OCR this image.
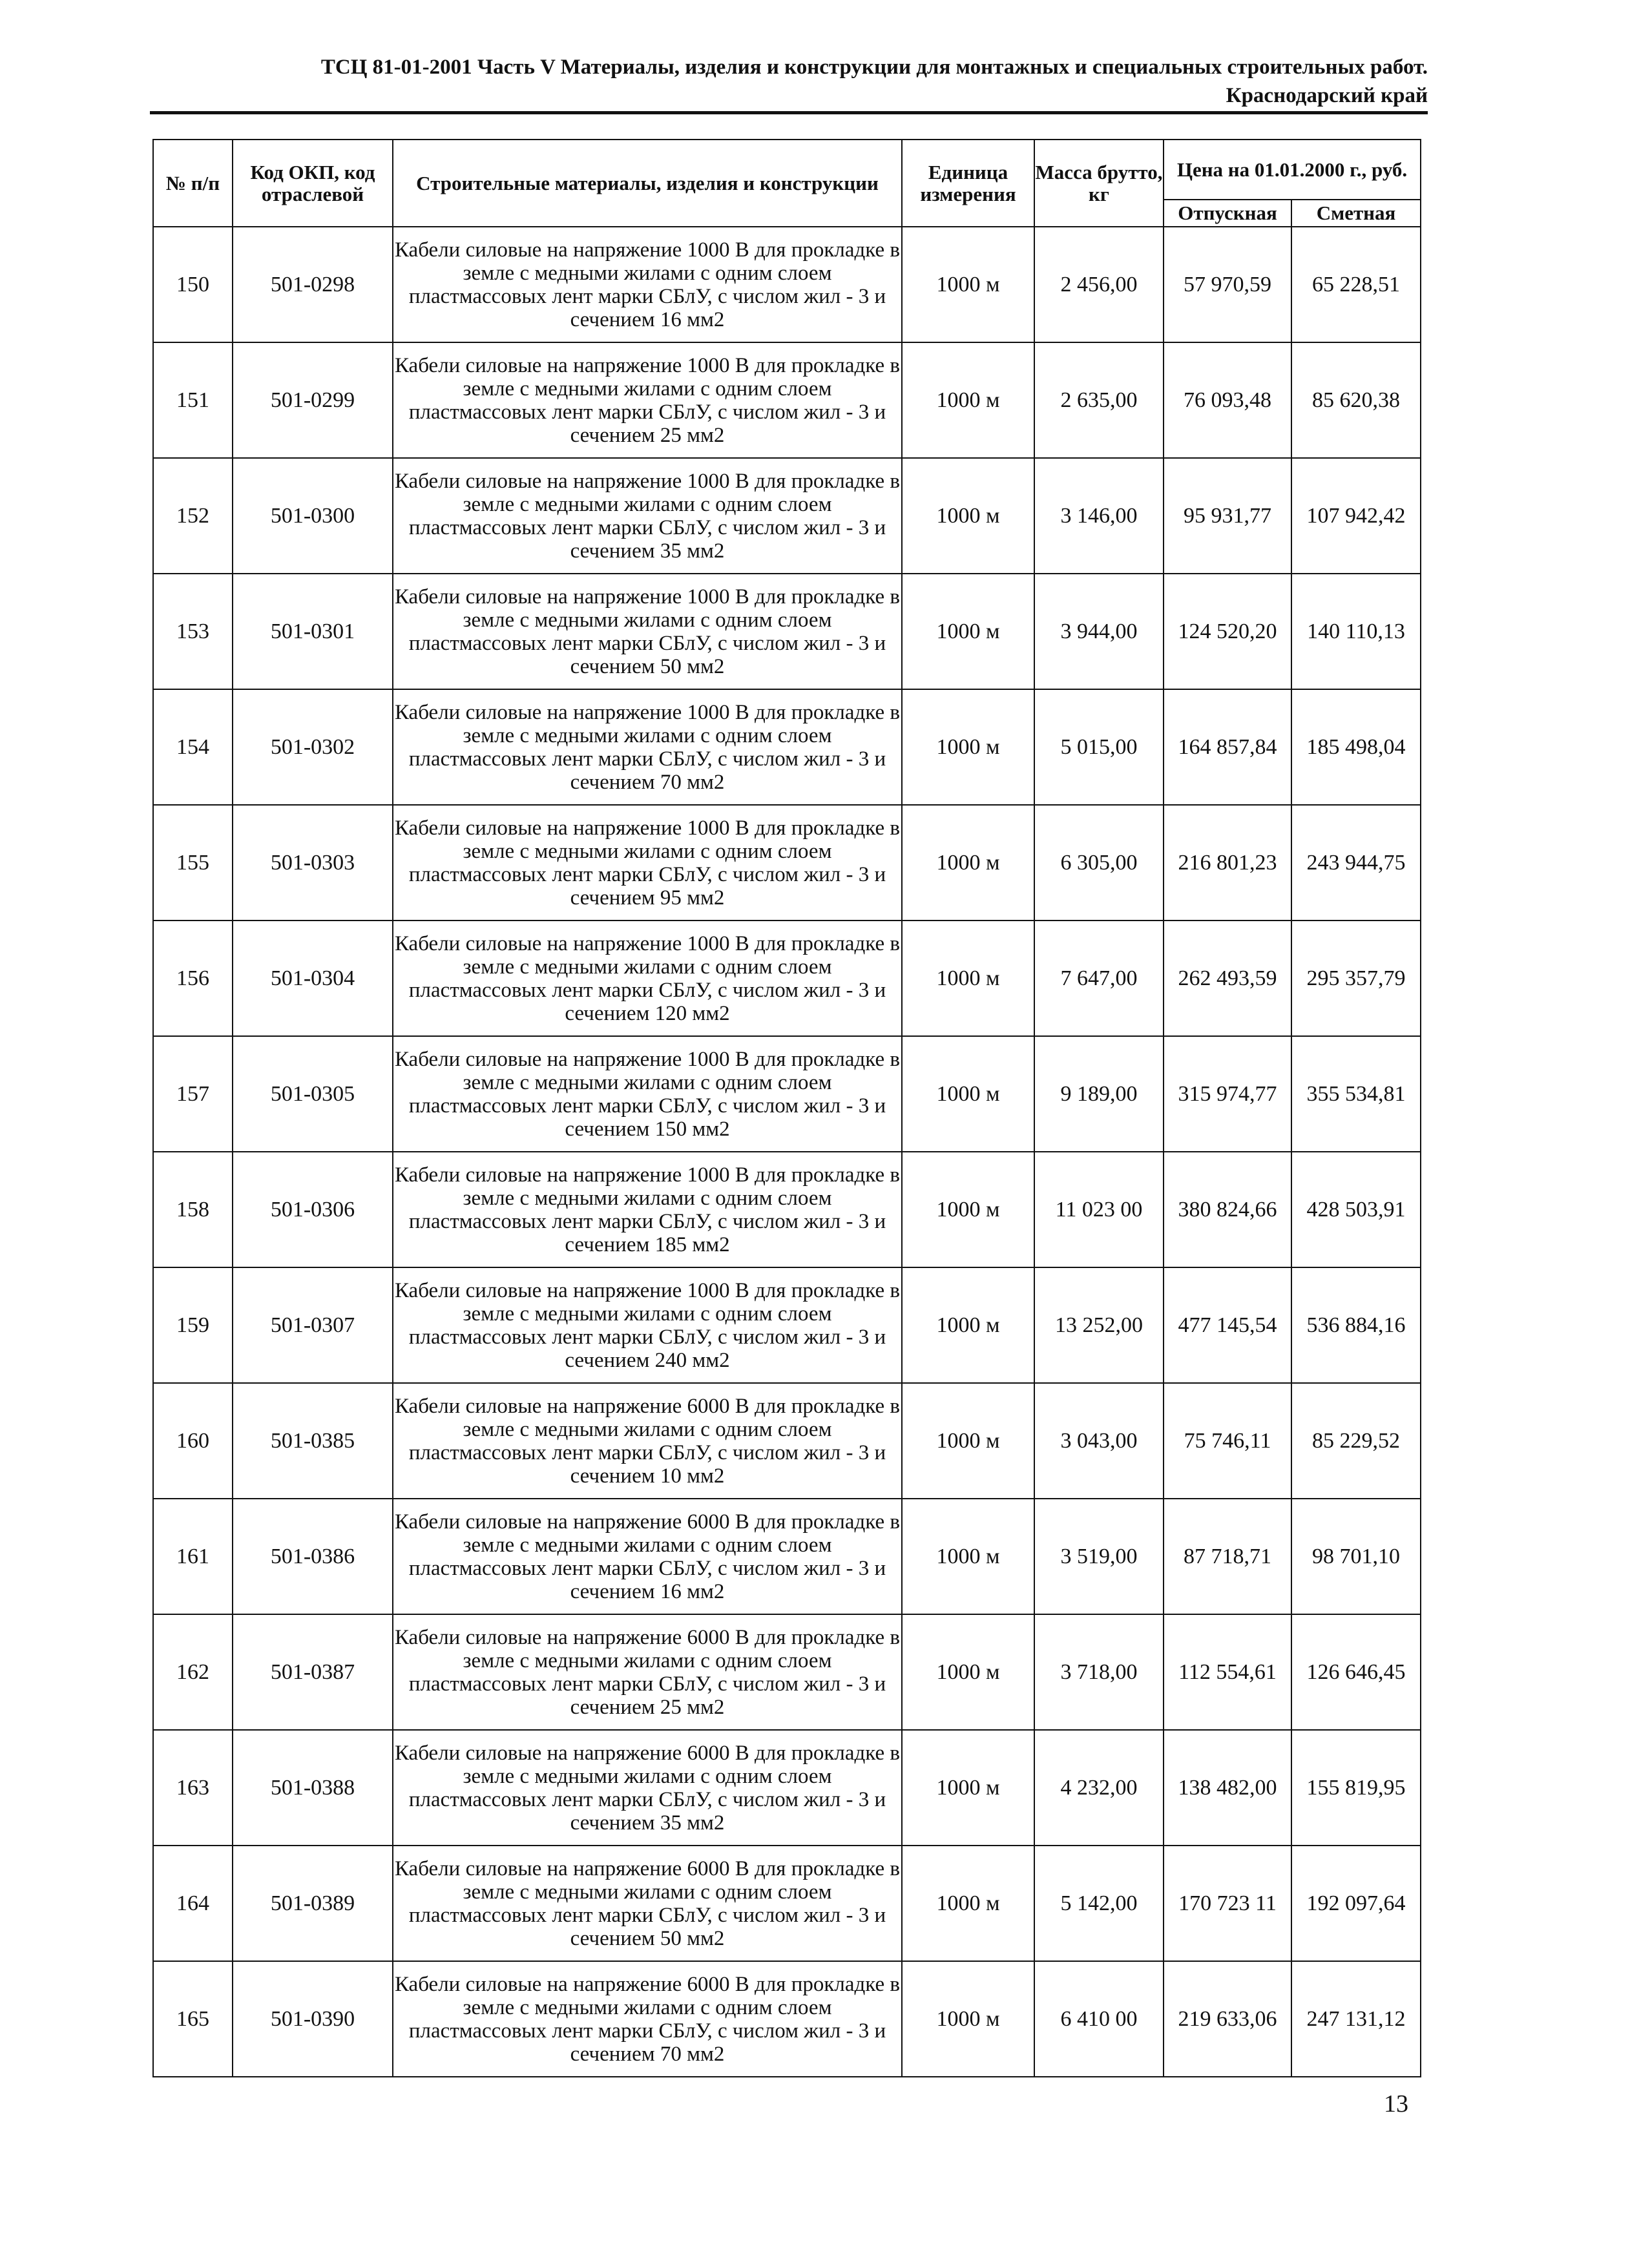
ТСЦ 81-01-2001 Часть V Материалы, изделия и конструкции для монтажных и специальных строительных работ.
Краснодарский край
№ п/п	Код ОКП, код отраслевой	Строительные материалы, изделия и конструкции	Единица измерения	Масса брутто, кг	Цена на 01.01.2000 г., руб.	
					Отпускная	Сметная
150	501-0298	Кабели силовые на напряжение 1000 В для прокладке в земле с медными жилами с одним слоем пластмассовых лент марки СБлУ, с числом жил - 3 и сечением 16 мм2	1000 м	2 456,00	57 970,59	65 228,51
151	501-0299	Кабели силовые на напряжение 1000 В для прокладке в земле с медными жилами с одним слоем пластмассовых лент марки СБлУ, с числом жил - 3 и сечением 25 мм2	1000 м	2 635,00	76 093,48	85 620,38
152	501-0300	Кабели силовые на напряжение 1000 В для прокладке в земле с медными жилами с одним слоем пластмассовых лент марки СБлУ, с числом жил - 3 и сечением 35 мм2	1000 м	3 146,00	95 931,77	107 942,42
153	501-0301	Кабели силовые на напряжение 1000 В для прокладке в земле с медными жилами с одним слоем пластмассовых лент марки СБлУ, с числом жил - 3 и сечением 50 мм2	1000 м	3 944,00	124 520,20	140 110,13
154	501-0302	Кабели силовые на напряжение 1000 В для прокладке в земле с медными жилами с одним слоем пластмассовых лент марки СБлУ, с числом жил - 3 и сечением 70 мм2	1000 м	5 015,00	164 857,84	185 498,04
155	501-0303	Кабели силовые на напряжение 1000 В для прокладке в земле с медными жилами с одним слоем пластмассовых лент марки СБлУ, с числом жил - 3 и сечением 95 мм2	1000 м	6 305,00	216 801,23	243 944,75
156	501-0304	Кабели силовые на напряжение 1000 В для прокладке в земле с медными жилами с одним слоем пластмассовых лент марки СБлУ, с числом жил - 3 и сечением 120 мм2	1000 м	7 647,00	262 493,59	295 357,79
157	501-0305	Кабели силовые на напряжение 1000 В для прокладке в земле с медными жилами с одним слоем пластмассовых лент марки СБлУ, с числом жил - 3 и сечением 150 мм2	1000 м	9 189,00	315 974,77	355 534,81
158	501-0306	Кабели силовые на напряжение 1000 В для прокладке в земле с медными жилами с одним слоем пластмассовых лент марки СБлУ, с числом жил - 3 и сечением 185 мм2	1000 м	11 023 00	380 824,66	428 503,91
159	501-0307	Кабели силовые на напряжение 1000 В для прокладке в земле с медными жилами с одним слоем пластмассовых лент марки СБлУ, с числом жил - 3 и сечением 240 мм2	1000 м	13 252,00	477 145,54	536 884,16
160	501-0385	Кабели силовые на напряжение 6000 В для прокладке в земле с медными жилами с одним слоем пластмассовых лент марки СБлУ, с числом жил - 3 и сечением 10 мм2	1000 м	3 043,00	75 746,11	85 229,52
161	501-0386	Кабели силовые на напряжение 6000 В для прокладке в земле с медными жилами с одним слоем пластмассовых лент марки СБлУ, с числом жил - 3 и сечением 16 мм2	1000 м	3 519,00	87 718,71	98 701,10
162	501-0387	Кабели силовые на напряжение 6000 В для прокладке в земле с медными жилами с одним слоем пластмассовых лент марки СБлУ, с числом жил - 3 и сечением 25 мм2	1000 м	3 718,00	112 554,61	126 646,45
163	501-0388	Кабели силовые на напряжение 6000 В для прокладке в земле с медными жилами с одним слоем пластмассовых лент марки СБлУ, с числом жил - 3 и сечением 35 мм2	1000 м	4 232,00	138 482,00	155 819,95
164	501-0389	Кабели силовые на напряжение 6000 В для прокладке в земле с медными жилами с одним слоем пластмассовых лент марки СБлУ, с числом жил - 3 и сечением 50 мм2	1000 м	5 142,00	170 723 11	192 097,64
165	501-0390	Кабели силовые на напряжение 6000 В для прокладке в земле с медными жилами с одним слоем пластмассовых лент марки СБлУ, с числом жил - 3 и сечением 70 мм2	1000 м	6 410 00	219 633,06	247 131,12
13
